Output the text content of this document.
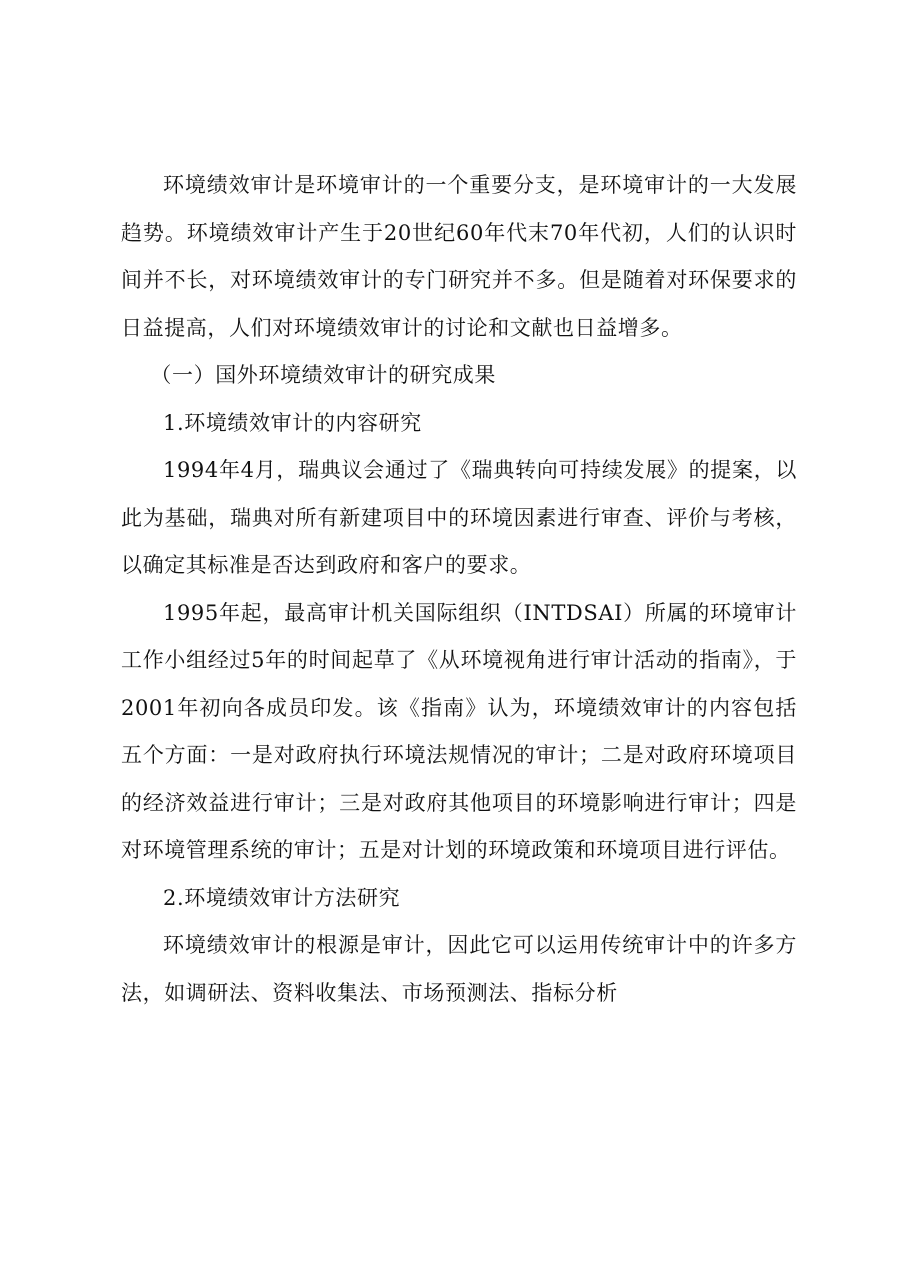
环境绩效审计是环境审计的一个重要分支，是环境审计的一大发展趋势。环境绩效审计产生于20世纪60年代末70年代初，人们的认识时间并不长，对环境绩效审计的专门研究并不多。但是随着对环保要求的日益提高，人们对环境绩效审计的讨论和文献也日益增多。

（一）国外环境绩效审计的研究成果

1.环境绩效审计的内容研究

1994年4月，瑞典议会通过了《瑞典转向可持续发展》的提案，以此为基础，瑞典对所有新建项目中的环境因素进行审查、评价与考核，以确定其标准是否达到政府和客户的要求。

1995年起，最高审计机关国际组织（INTDSAI）所属的环境审计工作小组经过5年的时间起草了《从环境视角进行审计活动的指南》，于2001年初向各成员印发。该《指南》认为，环境绩效审计的内容包括五个方面：一是对政府执行环境法规情况的审计；二是对政府环境项目的经济效益进行审计；三是对政府其他项目的环境影响进行审计；四是对环境管理系统的审计；五是对计划的环境政策和环境项目进行评估。

2.环境绩效审计方法研究

环境绩效审计的根源是审计，因此它可以运用传统审计中的许多方法，如调研法、资料收集法、市场预测法、指标分析
